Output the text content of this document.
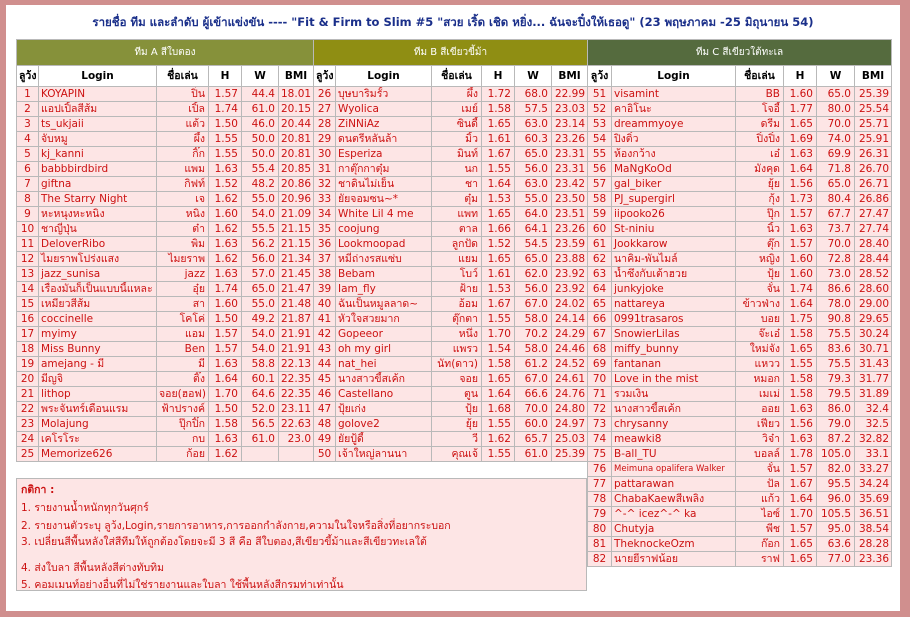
รายชื่อ ทีม และลำดับ ผู้เข้าแข่งขัน ---- "Fit & Firm to Slim #5 "สวย เริ้ด เชิด หยิ่ง... ฉันจะปิ๋งให้เธอดู" (23 พฤษภาคม -25 มิถุนายน 54)
ทีม A สีใบตอง					
ลูว้ง	Login	ชื่อเล่น	H	W	BMI
1	KOYAPIN	ปิ่น	1.57	44.4	18.01
2	แอปเปิ้ลสีส้ม	เปิ้ล	1.74	61.0	20.15
3	ts_ukjaii	แต้ว	1.50	46.0	20.44
4	จับหมู	ผึ้ง	1.55	50.0	20.81
5	kj_kanni	กิ๊ก	1.55	50.0	20.81
6	babbbirdbird	แพม	1.63	55.4	20.85
7	giftna	กิฟท์	1.52	48.2	20.86
8	The Starry Night	เจ	1.62	55.0	20.96
9	หะหนุงหะหนิง	หนิง	1.60	54.0	21.09
10	ชาญี่ปุ่น	ต๋า	1.62	55.5	21.15
11	DeloverRibo	พิม	1.63	56.2	21.15
12	ไมยราพโปร่งแสง	ไมยราพ	1.62	56.0	21.34
13	jazz_sunisa	jazz	1.63	57.0	21.45
14	เรื่องมันก็เป็นแบบนี้แหละ	อุ๋ย	1.74	65.0	21.47
15	เหมียวสีส้ม	สา	1.60	55.0	21.48
16	coccinelle	โคโค่	1.50	49.2	21.87
17	myimy	แอม	1.57	54.0	21.91
18	Miss Bunny	Ben	1.57	54.0	21.91
19	amejang - มี	มี	1.63	58.8	22.13
20	มีญจิ	ติ๊ง	1.64	60.1	22.35
21	lithop	จอย(ฮอฟ)	1.70	64.6	22.35
22	พระจันทร์เดือนแรม	ฟ้าปรางค์	1.50	52.0	23.11
23	Molajung	ปุ๊กปิ๊ก	1.58	56.5	22.63
24	เคโรโระ	กบ	1.63	61.0	23.0
25	Memorize626	ก้อย	1.62		
ทีม B สีเขียวขี้ม้า					
ลูว้ง	Login	ชื่อเล่น	H	W	BMI
26	บุษบาริมรั้ว	ผึ้ง	1.72	68.0	22.99
27	Wyolica	เมย์	1.58	57.5	23.03
28	ZiNNiAz	ซินดี้	1.65	63.0	23.14
29	ดนตรีหลันล้า	มิ้ว	1.61	60.3	23.26
30	Esperiza	มินท์	1.67	65.0	23.31
31	กาตุ๊กกาตุ๋ม	นก	1.55	56.0	23.31
32	ชาดินไม่เย็น	ชา	1.64	63.0	23.42
33	ยัยจอมซน~*	ตุ๋ม	1.53	55.0	23.50
34	White Lil 4 me	แพท	1.65	64.0	23.51
35	coojung	ตาล	1.66	64.1	23.26
36	Lookmoopad	ลูกปัด	1.52	54.5	23.59
37	หมี่ถ่างรสแซ่บ	แยม	1.65	65.0	23.88
38	Bebam	โบว์	1.61	62.0	23.92
39	Iam_fly	ฝ้าย	1.53	56.0	23.92
40	ฉันเป็นหมูลลาด~	อ้อม	1.67	67.0	24.02
41	หัวใจสวยมาก	ตุ๊กตา	1.55	58.0	24.14
42	Gopeeor	หนึ่ง	1.70	70.2	24.29
43	oh my girl	แพรว	1.54	58.0	24.46
44	nat_hei	นัท(ดาว)	1.58	61.2	24.52
45	นางสาวขี้สเค้ก	จอย	1.65	67.0	24.61
46	Castellano	ตูน	1.64	66.6	24.76
47	ปุ้ยเก่ง	ปุ้ย	1.68	70.0	24.80
48	golove2	ยุ้ย	1.55	60.0	24.97
49	ยัยปู้ดี้	วี	1.62	65.7	25.03
50	เจ้าใหญ่ลานนา	คุณเจ้	1.55	61.0	25.39
ทีม C สีเขียวใต้ทะเล					
ลูว้ง	Login	ชื่อเล่น	H	W	BMI
51	visamint	BB	1.60	65.0	25.39
52	คาอิโนะ	โจอี้	1.77	80.0	25.54
53	dreammyoye	ดรีม	1.65	70.0	25.71
54	ปิงติ๋ว	ปิ๋งปิ๋ง	1.69	74.0	25.91
55	ห้องกว้าง	เอ๋	1.63	69.9	26.31
56	MaNgKoOd	มังคุด	1.64	71.8	26.70
57	gal_biker	ยุ้ย	1.56	65.0	26.71
58	PJ_supergirl	กุ้ง	1.73	80.4	26.86
59	iipooko26	ปุ๊ก	1.57	67.7	27.47
60	St-niniu	นิ้ว	1.63	73.7	27.74
61	Jookkarow	ตุ๊ก	1.57	70.0	28.40
62	นาคิม-พันไมล์	หญิง	1.60	72.8	28.44
63	น้ำซึงกับเต้าฮวย	ปุ้ย	1.60	73.0	28.52
64	junkyjoke	จั๋น	1.74	86.6	28.60
65	nattareya	ข้าวฟ่าง	1.64	78.0	29.00
66	0991trasaros	บอย	1.75	90.8	29.65
67	SnowierLilas	จ๊ะเอ๋	1.58	75.5	30.24
68	miffy_bunny	ใหม่จัง	1.65	83.6	30.71
69	fantanan	แหวว	1.55	75.5	31.43
70	Love in the mist	หมอก	1.58	79.3	31.77
71	รวมเงิน	เมเม่	1.58	79.5	31.89
72	นางสาวขี้สเค้ก	ออย	1.63	86.0	32.4
73	chrysanny	เฟียว	1.56	79.0	32.5
74	meawki8	วิจ๋า	1.63	87.2	32.82
75	B-all_TU	บอลล์	1.78	105.0	33.1
76	Meimuna opalifera Walker	จั๋น	1.57	82.0	33.27
77	pattarawan	ปัล	1.67	95.5	34.24
78	ChabaKaewสีเพลิง	แก้ว	1.64	96.0	35.69
79	^-^ icez^-^ ka	ไอซ์	1.70	105.5	36.51
80	Chutyja	พีช	1.57	95.0	38.54
81	TheknockeOzm	ก๊อก	1.65	63.6	28.28
82	นายยีราฟน้อย	ราฟ	1.65	77.0	23.36
กติกา :
1. รายงานน้ำหนักทุกวันศุกร์
2. รายงานตัวระบุ ลูว้ง,Login,รายการอาหาร,การออกกำลังกาย,ความในใจหรือสิ่งที่อยากระบอก
3. เปลี่ยนสีพื้นหลังใส่สีทีมให้ถูกต้องโดยจะมี 3 สี คือ สีใบตอง,สีเขียวขี้ม้าและสีเขียวทะเลใต้
4. ส่งใบลา สีพื้นหลังสีต่างทับทิม
5. คอมเมนท์อย่างอื่นที่ไม่ใช่รายงานและใบลา ใช้พื้นหลังสีกรมท่าเท่านั้น
